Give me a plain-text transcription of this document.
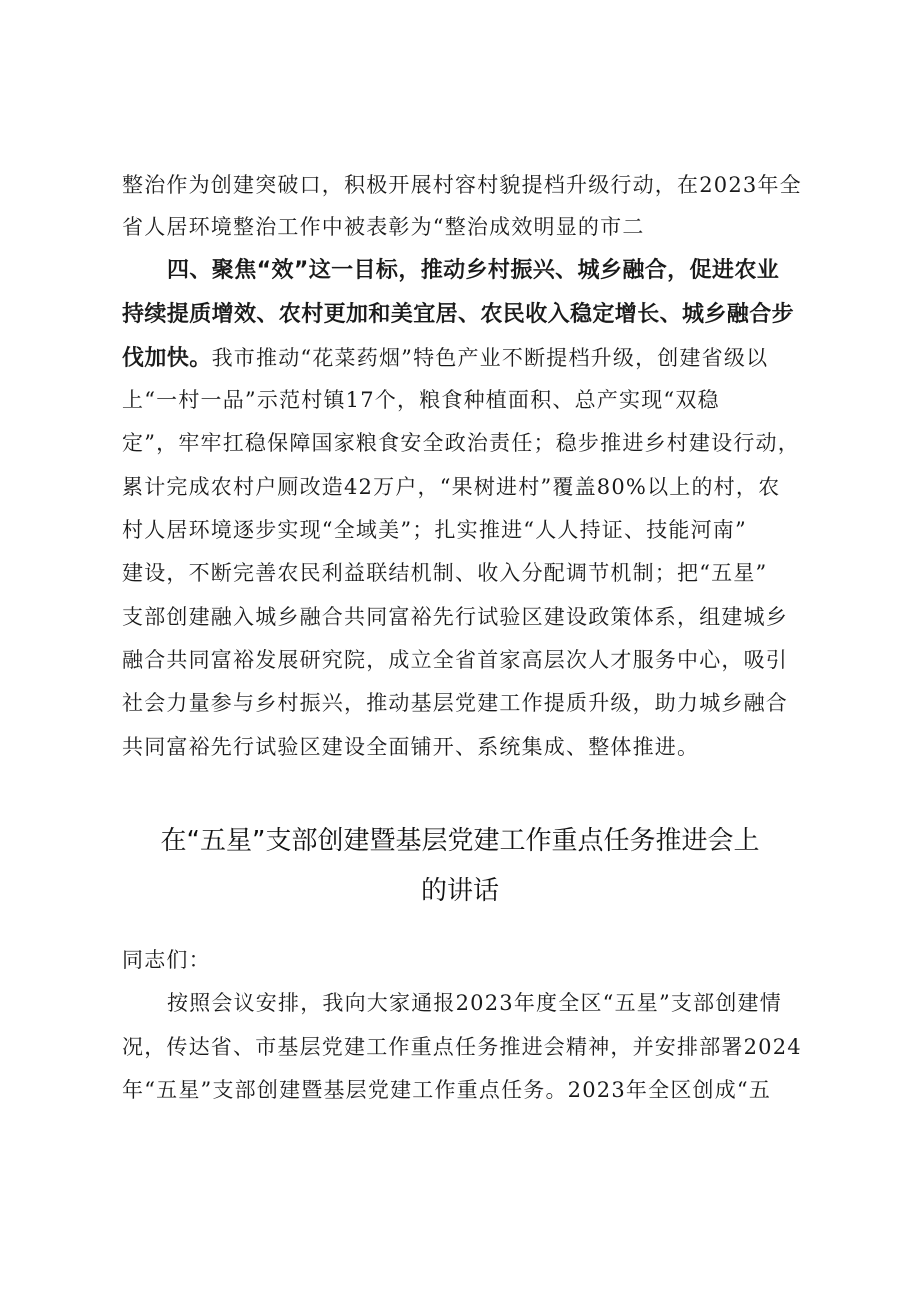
整治作为创建突破口，积极开展村容村貌提档升级行动，在2023年全
省人居环境整治工作中被表彰为“整治成效明显的市二
四、聚焦“效”这一目标，推动乡村振兴、城乡融合，促进农业
持续提质增效、农村更加和美宜居、农民收入稳定增长、城乡融合步
伐加快。我市推动“花菜药烟”特色产业不断提档升级，创建省级以
上“一村一品”示范村镇17个，粮食种植面积、总产实现“双稳
定”，牢牢扛稳保障国家粮食安全政治责任；稳步推进乡村建设行动，
累计完成农村户厕改造42万户，“果树进村”覆盖80%以上的村，农
村人居环境逐步实现“全域美”；扎实推进“人人持证、技能河南”
建设，不断完善农民利益联结机制、收入分配调节机制；把“五星”
支部创建融入城乡融合共同富裕先行试验区建设政策体系，组建城乡
融合共同富裕发展研究院，成立全省首家高层次人才服务中心，吸引
社会力量参与乡村振兴，推动基层党建工作提质升级，助力城乡融合
共同富裕先行试验区建设全面铺开、系统集成、整体推进。
在“五星”支部创建暨基层党建工作重点任务推进会上
的讲话
同志们：
按照会议安排，我向大家通报2023年度全区“五星”支部创建情
况，传达省、市基层党建工作重点任务推进会精神，并安排部署2024
年“五星”支部创建暨基层党建工作重点任务。2023年全区创成“五
